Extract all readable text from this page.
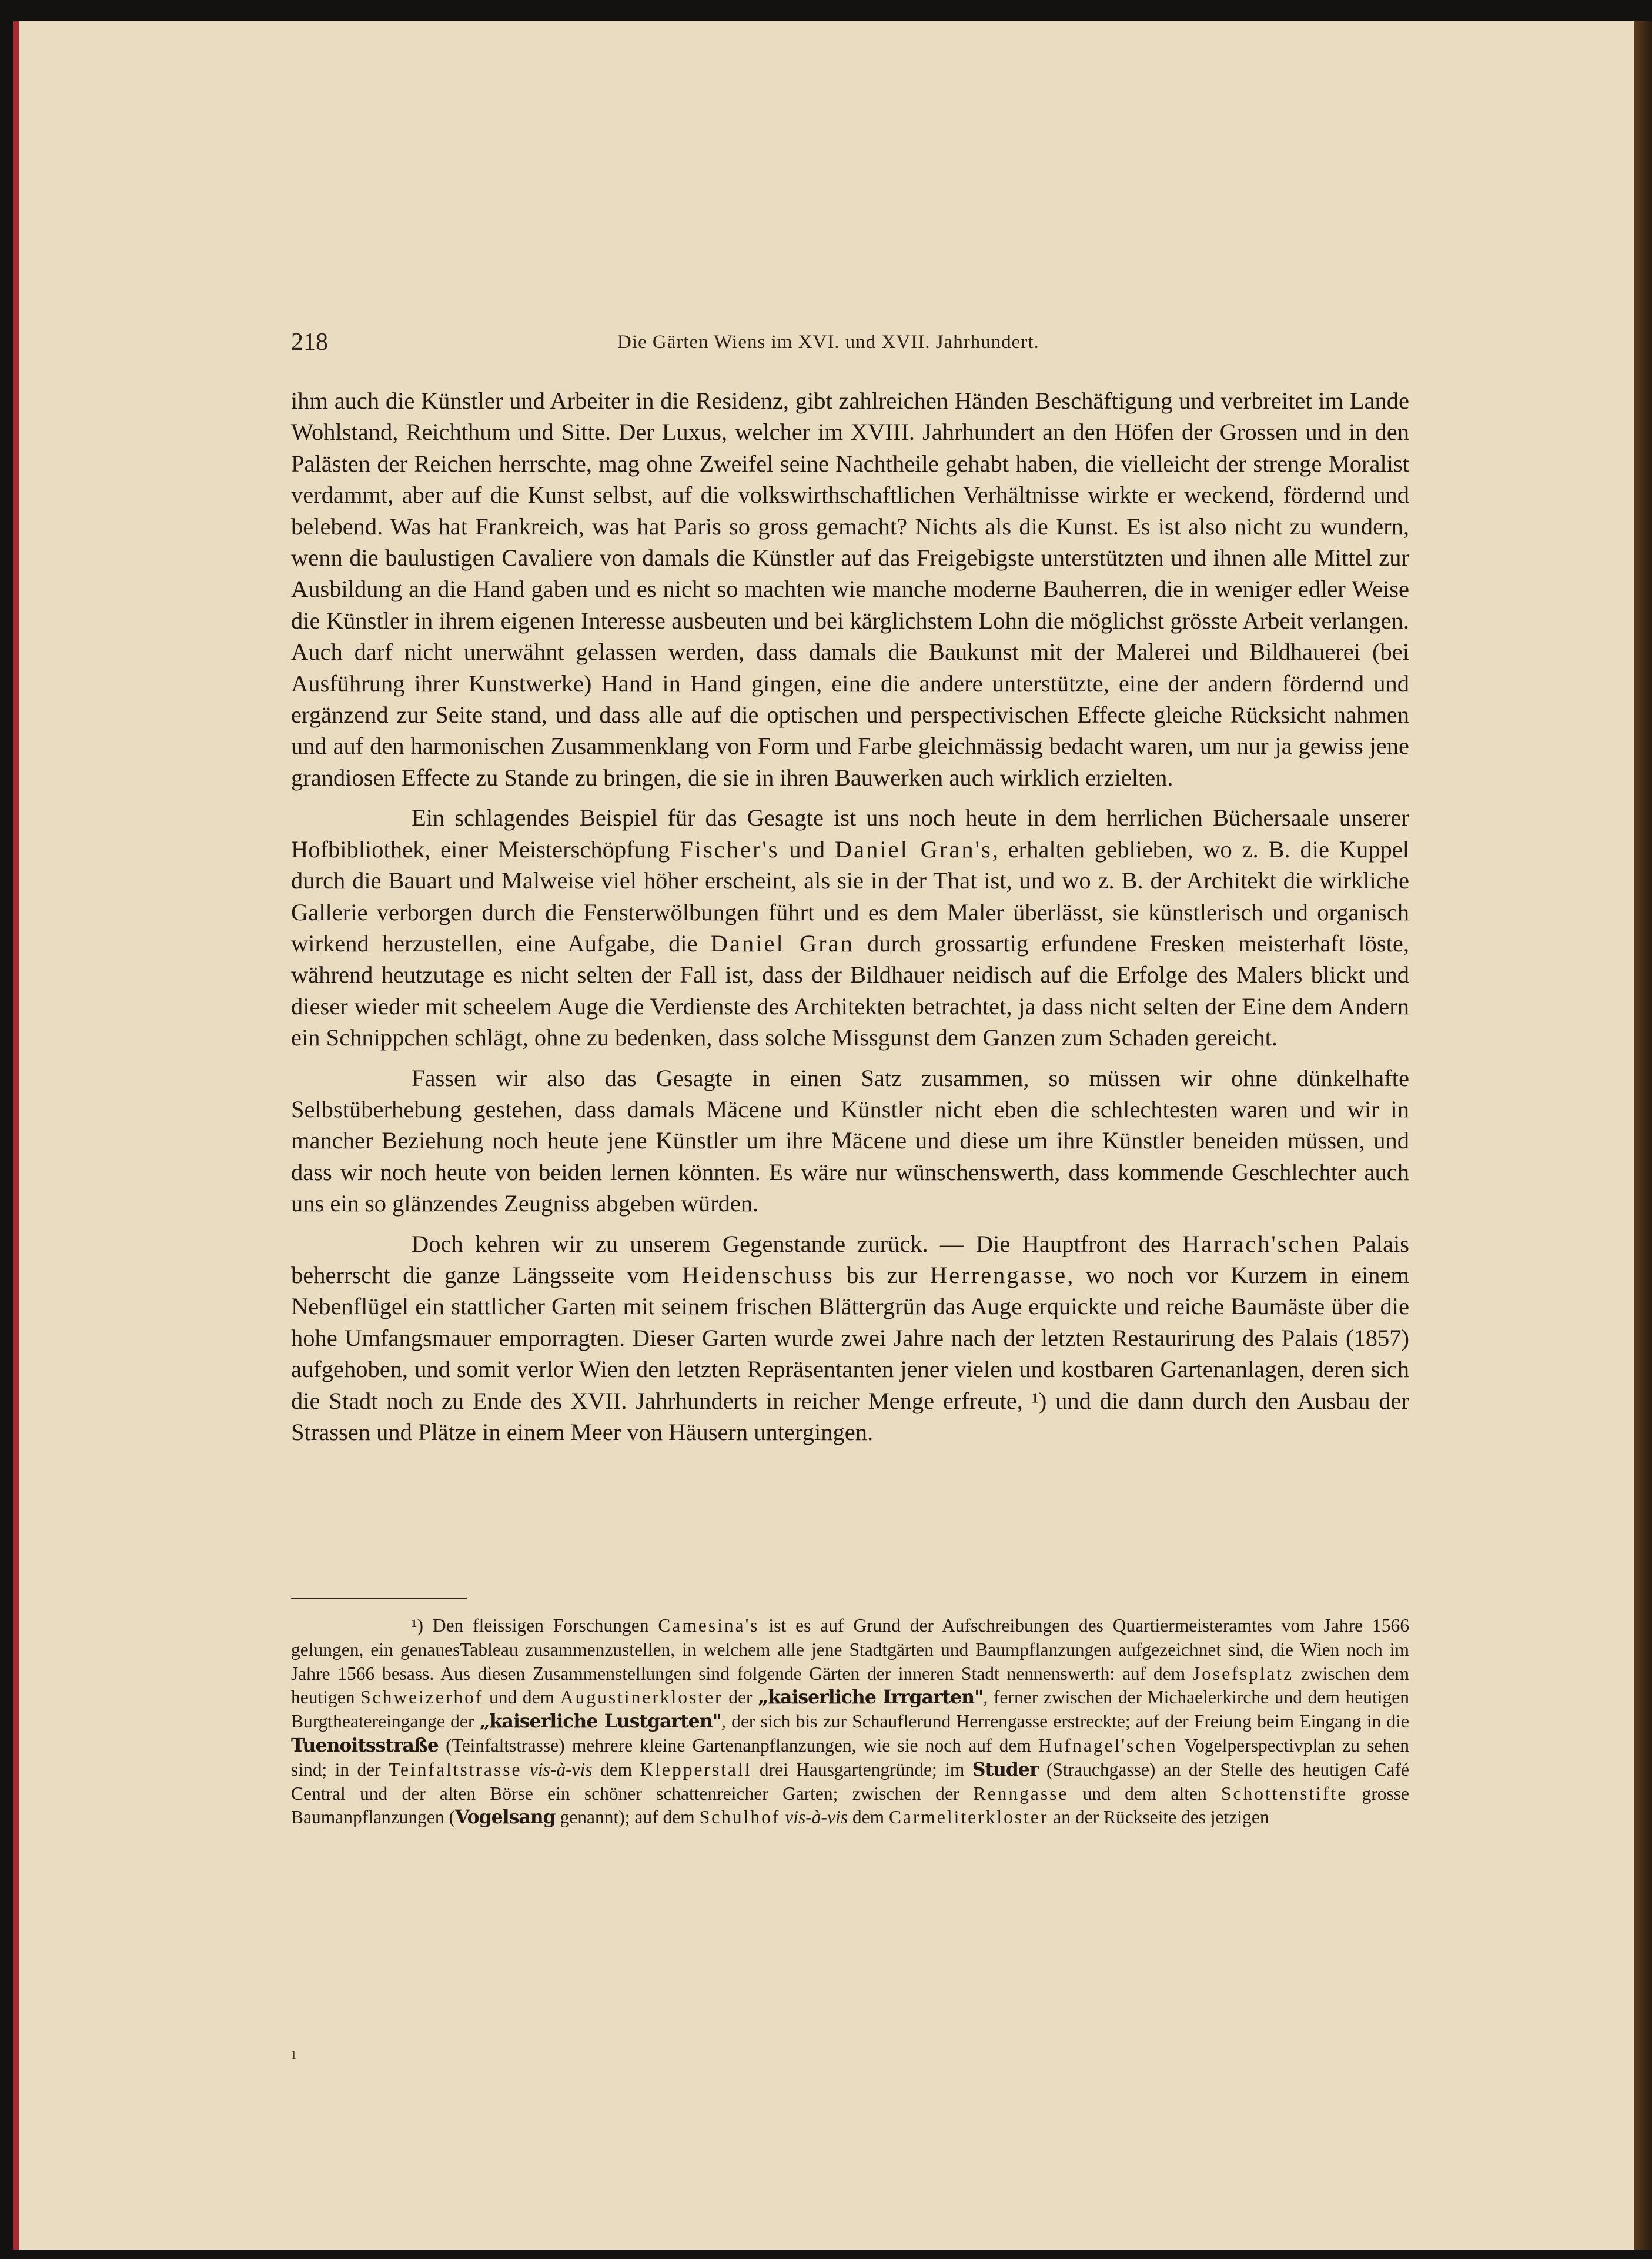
218	Die Gärten Wiens im XVI. und XVII. Jahrhundert.

ihm auch die Künstler und Arbeiter in die Residenz, gibt zahlreichen Händen Beschäftigung und verbreitet im Lande Wohlstand, Reichthum und Sitte. Der Luxus, welcher im XVIII. Jahrhundert an den Höfen der Grossen und in den Palästen der Reichen herrschte, mag ohne Zweifel seine Nachtheile gehabt haben, die vielleicht der strenge Moralist verdammt, aber auf die Kunst selbst, auf die volkswirthschaftlichen Verhältnisse wirkte er weckend, fördernd und belebend. Was hat Frankreich, was hat Paris so gross gemacht? Nichts als die Kunst. Es ist also nicht zu wundern, wenn die baulustigen Cavaliere von damals die Künstler auf das Freigebigste unterstützten und ihnen alle Mittel zur Ausbildung an die Hand gaben und es nicht so machten wie manche moderne Bauherren, die in weniger edler Weise die Künstler in ihrem eigenen Interesse ausbeuten und bei kärglichstem Lohn die möglichst grösste Arbeit verlangen. Auch darf nicht unerwähnt gelassen werden, dass damals die Baukunst mit der Malerei und Bildhauerei (bei Ausführung ihrer Kunstwerke) Hand in Hand gingen, eine die andere unterstützte, eine der andern fördernd und ergänzend zur Seite stand, und dass alle auf die optischen und perspectivischen Effecte gleiche Rücksicht nahmen und auf den harmonischen Zusammenklang von Form und Farbe gleichmässig bedacht waren, um nur ja gewiss jene grandiosen Effecte zu Stande zu bringen, die sie in ihren Bauwerken auch wirklich erzielten.

Ein schlagendes Beispiel für das Gesagte ist uns noch heute in dem herrlichen Büchersaale unserer Hofbibliothek, einer Meisterschöpfung Fischer's und Daniel Gran's, erhalten geblieben, wo z. B. die Kuppel durch die Bauart und Malweise viel höher erscheint, als sie in der That ist, und wo z. B. der Architekt die wirkliche Gallerie verborgen durch die Fensterwölbungen führt und es dem Maler überlässt, sie künstlerisch und organisch wirkend herzustellen, eine Aufgabe, die Daniel Gran durch grossartig erfundene Fresken meisterhaft löste, während heutzutage es nicht selten der Fall ist, dass der Bildhauer neidisch auf die Erfolge des Malers blickt und dieser wieder mit scheelem Auge die Verdienste des Architekten betrachtet, ja dass nicht selten der Eine dem Andern ein Schnippchen schlägt, ohne zu bedenken, dass solche Missgunst dem Ganzen zum Schaden gereicht.

Fassen wir also das Gesagte in einen Satz zusammen, so müssen wir ohne dünkelhafte Selbstüberhebung gestehen, dass damals Mäcene und Künstler nicht eben die schlechtesten waren und wir in mancher Beziehung noch heute jene Künstler um ihre Mäcene und diese um ihre Künstler beneiden müssen, und dass wir noch heute von beiden lernen könnten. Es wäre nur wünschenswerth, dass kommende Geschlechter auch uns ein so glänzendes Zeugniss abgeben würden.

Doch kehren wir zu unserem Gegenstande zurück. — Die Hauptfront des Harrach'schen Palais beherrscht die ganze Längsseite vom Heidenschuss bis zur Herrengasse, wo noch vor Kurzem in einem Nebenflügel ein stattlicher Garten mit seinem frischen Blättergrün das Auge erquickte und reiche Baumäste über die hohe Umfangsmauer emporragten. Dieser Garten wurde zwei Jahre nach der letzten Restaurirung des Palais (1857) aufgehoben, und somit verlor Wien den letzten Repräsentanten jener vielen und kostbaren Gartenanlagen, deren sich die Stadt noch zu Ende des XVII. Jahrhunderts in reicher Menge erfreute, ¹) und die dann durch den Ausbau der Strassen und Plätze in einem Meer von Häusern untergingen.

¹) Den fleissigen Forschungen Camesina's ist es auf Grund der Aufschreibungen des Quartiermeisteramtes vom Jahre 1566 gelungen, ein genauesTableau zusammenzustellen, in welchem alle jene Stadtgärten und Baumpflanzungen aufgezeichnet sind, die Wien noch im Jahre 1566 besass. Aus diesen Zusammenstellungen sind folgende Gärten der inneren Stadt nennenswerth: auf dem Josefsplatz zwischen dem heutigen Schweizerhof und dem Augustinerkloster der „kaiserliche Irrgarten", ferner zwischen der Michaelerkirche und dem heutigen Burgtheatereingange der „kaiserliche Lustgarten", der sich bis zur Schauflerund Herrengasse erstreckte; auf der Freiung beim Eingang in die Tuenoitsstraße (Teinfaltstrasse) mehrere kleine Gartenanpflanzungen, wie sie noch auf dem Hufnagel'schen Vogelperspectivplan zu sehen sind; in der Teinfaltstrasse vis-à-vis dem Klepperstall drei Hausgartengründe; im Studer (Strauchgasse) an der Stelle des heutigen Café Central und der alten Börse ein schöner schattenreicher Garten; zwischen der Renngasse und dem alten Schottenstifte grosse Baumanpflanzungen (Vogelsang genannt); auf dem Schulhof vis-à-vis dem Carmeliterkloster an der Rückseite des jetzigen

ı
